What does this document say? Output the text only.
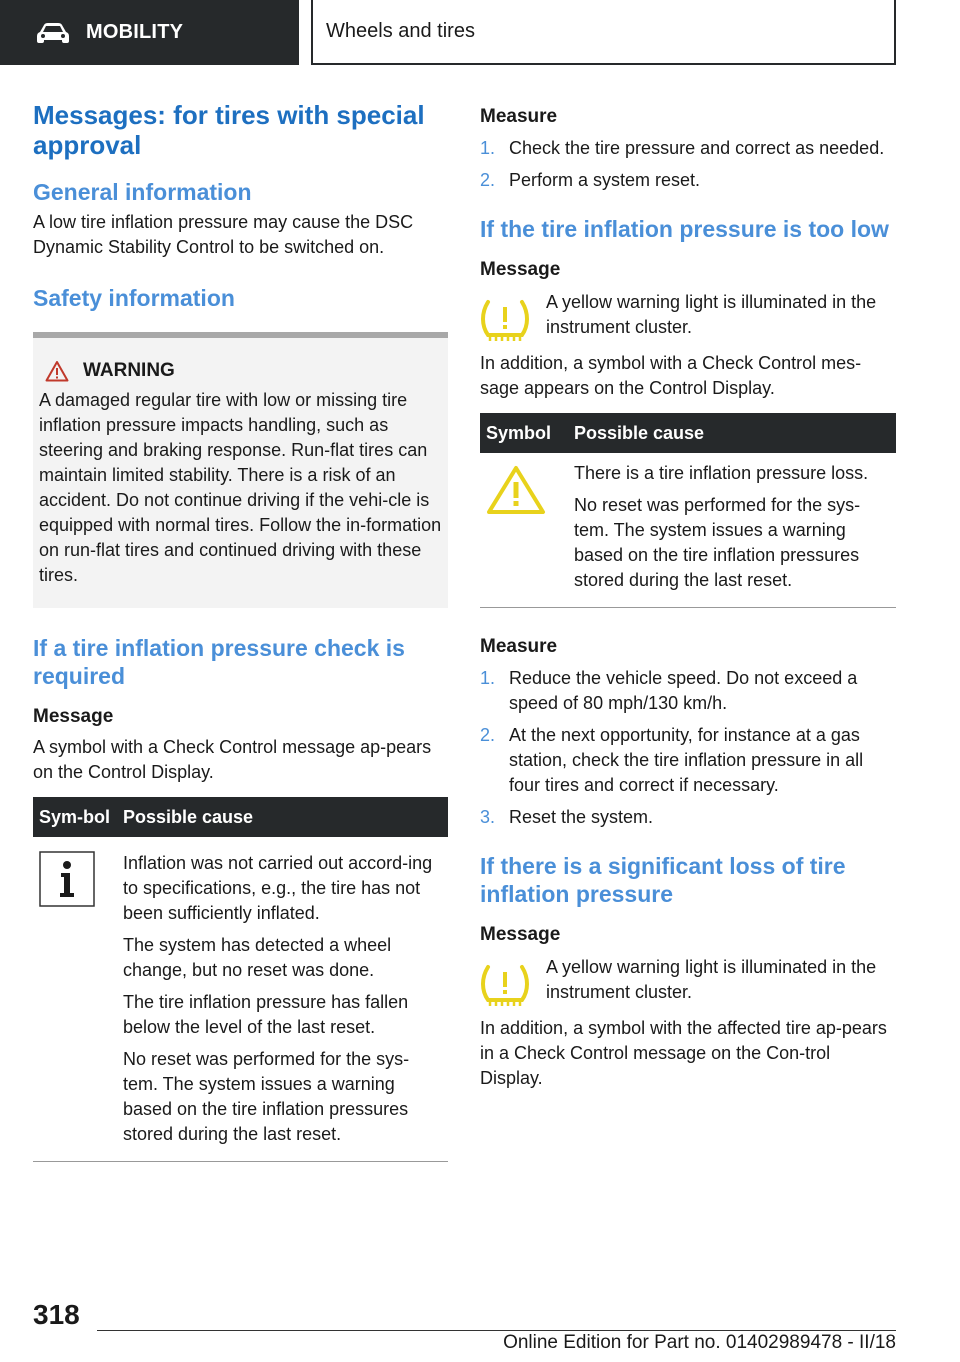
MOBILITY	Wheels and tires
Messages: for tires with special approval
General information

A low tire inflation pressure may cause the DSC Dynamic Stability Control to be switched on.

Safety information
WARNING

A damaged regular tire with low or missing tire inflation pressure impacts handling, such as steering and braking response. Run-flat tires can maintain limited stability. There is a risk of an accident. Do not continue driving if the vehi-cle is equipped with normal tires. Follow the in-formation on run-flat tires and continued driving with these tires.

If a tire inflation pressure check is required
Message

A symbol with a Check Control message ap-pears on the Control Display.

Sym-bol	Possible cause

Inflation was not carried out accord-ing to specifications, e.g., the tire has not been sufficiently inflated.

The system has detected a wheel change, but no reset was done.

The tire inflation pressure has fallen below the level of the last reset.

No reset was performed for the sys-tem. The system issues a warning based on the tire inflation pressures stored during the last reset.

Measure
1. Check the tire pressure and correct as needed.
2. Perform a system reset.
If the tire inflation pressure is too low
Message

A yellow warning light is illuminated in the instrument cluster.

In addition, a symbol with a Check Control mes-sage appears on the Control Display.

Symbol	Possible cause

There is a tire inflation pressure loss.

No reset was performed for the sys-tem. The system issues a warning based on the tire inflation pressures stored during the last reset.

Measure
1. Reduce the vehicle speed. Do not exceed a speed of 80 mph/130 km/h.
2. At the next opportunity, for instance at a gas station, check the tire inflation pressure in all four tires and correct if necessary.
3. Reset the system.
If there is a significant loss of tire inflation pressure
Message

A yellow warning light is illuminated in the instrument cluster.

In addition, a symbol with the affected tire ap-pears in a Check Control message on the Con-trol Display.

318
Online Edition for Part no. 01402989478 - II/18
